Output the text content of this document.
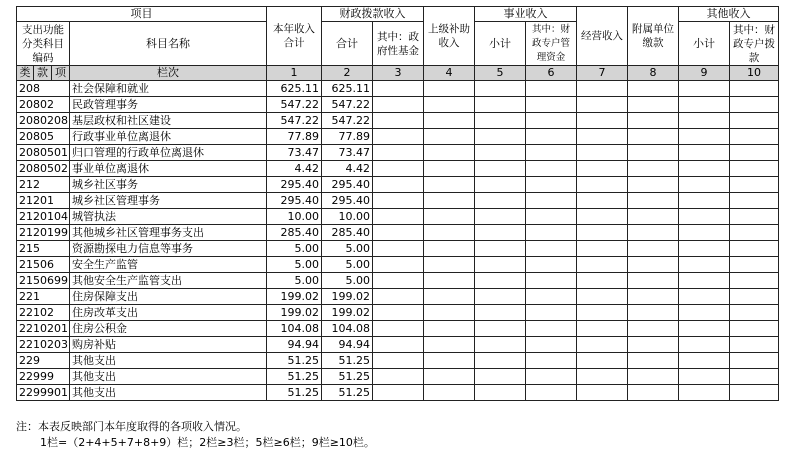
项目				本年收入合计	财政拨款收入		上级补助收入	事业收入		经营收入	附属单位缴款	其他收入	
支出功能分类科目编码			科目名称		合计	其中：政府性基金		小计	其中：财政专户管理资金			小计	其中：财政专户拨款

类	款	项	栏次	1	2	3	4	5	6	7	8	9	10
208			社会保障和就业	625.11	625.11								
20802			民政管理事务	547.22	547.22								
2080208			基层政权和社区建设	547.22	547.22								
20805			行政事业单位离退休	77.89	77.89								
2080501			归口管理的行政单位离退休	73.47	73.47								
2080502			事业单位离退休	4.42	4.42								
212			城乡社区事务	295.40	295.40								
21201			城乡社区管理事务	295.40	295.40								
2120104			城管执法	10.00	10.00								
2120199			其他城乡社区管理事务支出	285.40	285.40								
215			资源勘探电力信息等事务	5.00	5.00								
21506			安全生产监管	5.00	5.00								
2150699			其他安全生产监管支出	5.00	5.00								
221			住房保障支出	199.02	199.02								
22102			住房改革支出	199.02	199.02								
2210201			住房公积金	104.08	104.08								
2210203			购房补贴	94.94	94.94								
229			其他支出	51.25	51.25								
22999			其他支出	51.25	51.25								
2299901			其他支出	51.25	51.25								
注：本表反映部门本年度取得的各项收入情况。
1栏=（2+4+5+7+8+9）栏；2栏≥3栏；5栏≥6栏；9栏≥10栏。
